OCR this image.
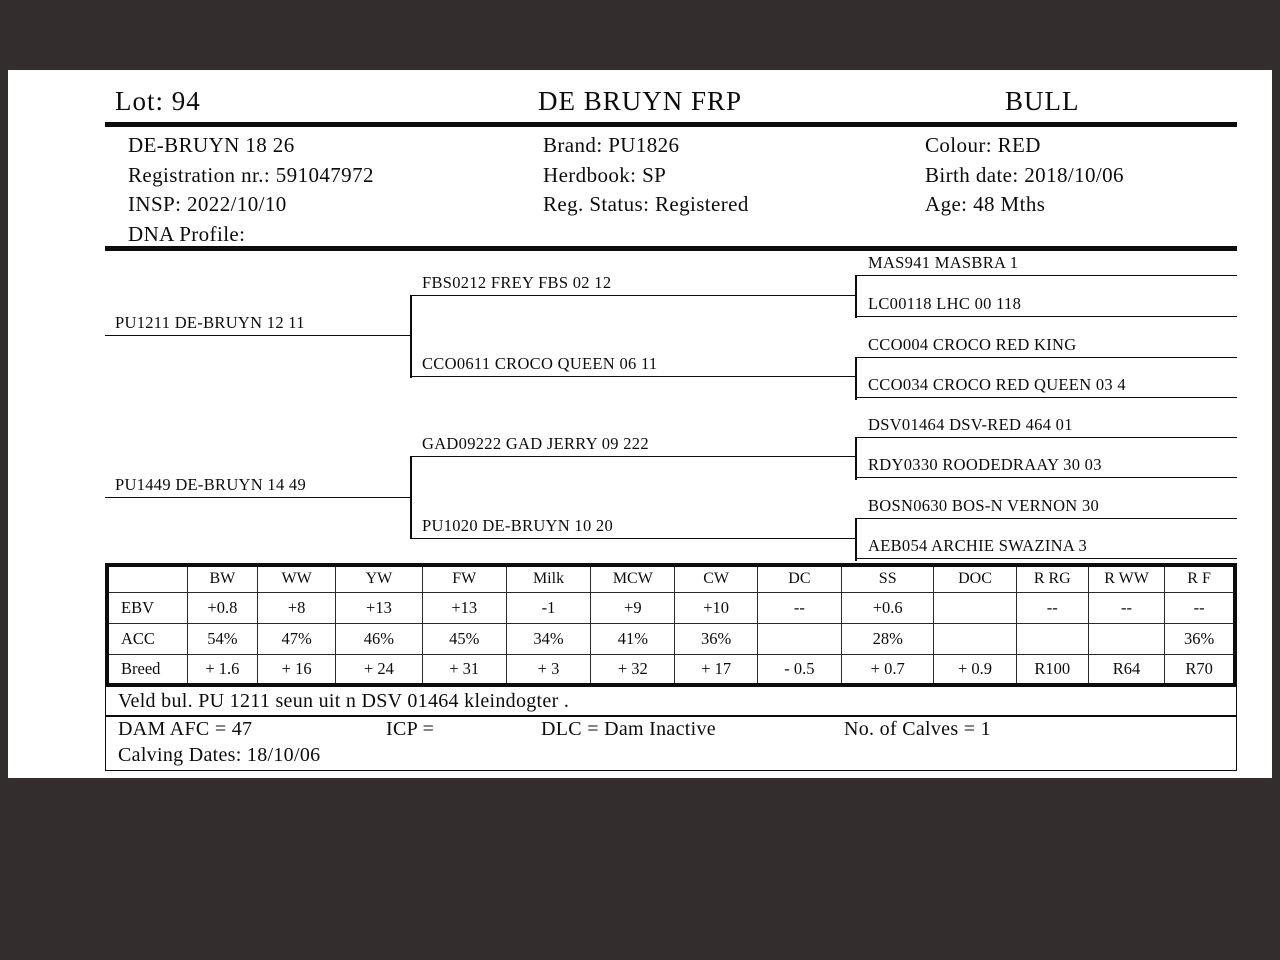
Lot: 94	DE BRUYN FRP	BULL
DE-BRUYN 18 26
Registration nr.: 591047972
INSP: 2022/10/10
DNA Profile:
Brand: PU1826
Herdbook: SP
Reg. Status: Registered
Colour: RED
Birth date: 2018/10/06
Age: 48 Mths
PU1211 DE-BRUYN 12 11
PU1449 DE-BRUYN 14 49
FBS0212 FREY FBS 02 12
CCO0611 CROCO QUEEN 06 11
GAD09222 GAD JERRY 09 222
PU1020 DE-BRUYN 10 20
MAS941 MASBRA 1
LC00118 LHC 00 118
CCO004 CROCO RED KING
CCO034 CROCO RED QUEEN 03 4
DSV01464 DSV-RED 464 01
RDY0330 ROODEDRAAY 30 03
BOSN0630 BOS-N VERNON 30
AEB054 ARCHIE SWAZINA 3
	BW	WW	YW	FW	Milk	MCW	CW	DC	SS	DOC	R RG	R WW	R F
EBV	+0.8	+8	+13	+13	-1	+9	+10	--	+0.6		--	--	--
ACC	54%	47%	46%	45%	34%	41%	36%		28%				36%
Breed	+ 1.6	+ 16	+ 24	+ 31	+ 3	+ 32	+ 17	- 0.5	+ 0.7	+ 0.9	R100	R64	R70
Veld bul. PU 1211 seun uit n DSV 01464 kleindogter .
DAM AFC = 47	ICP =	DLC = Dam Inactive	No. of Calves = 1
Calving Dates: 18/10/06
